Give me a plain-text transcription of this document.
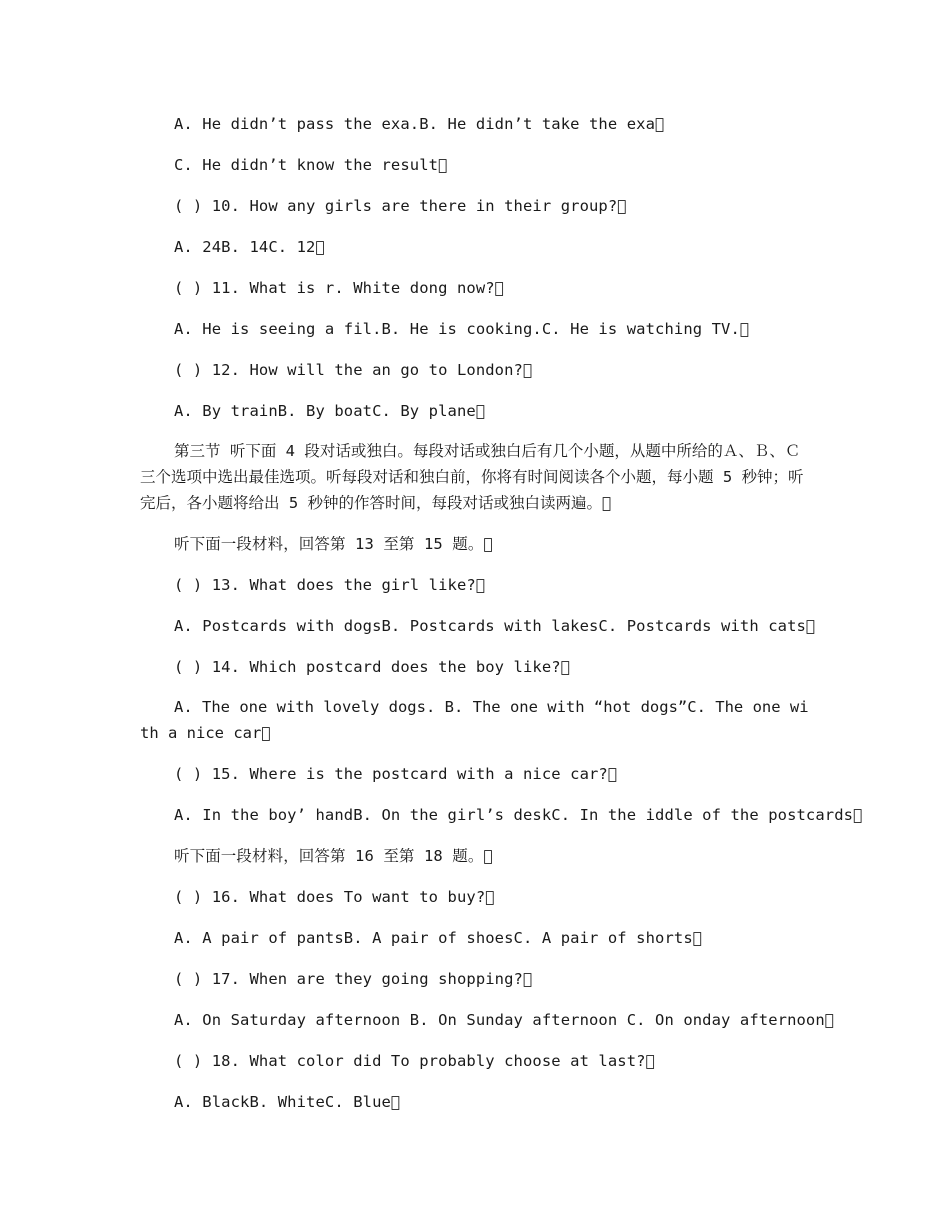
A. He didn’t pass the exa.B. He didn’t take the exa 
C. He didn’t know the result 
( ) 10. How any girls are there in their group? 
A. 24B. 14C. 12 
( ) 11. What is r. White dong now? 
A. He is seeing a fil.B. He is cooking.C. He is watching TV. 
( ) 12. How will the an go to London? 
A. By trainB. By boatC. By plane 
第三节 听下面 4 段对话或独白。每段对话或独白后有几个小题，从题中所给的Ａ、Ｂ、Ｃ 三个选项中选出最佳选项。听每段对话和独白前，你将有时间阅读各个小题，每小题 5 秒钟；听完后，各小题将给出 5 秒钟的作答时间，每段对话或独白读两遍。 
听下面一段材料，回答第 13 至第 15 题。 
( ) 13. What does the girl like? 
A. Postcards with dogsB. Postcards with lakesC. Postcards with cats 
( ) 14. Which postcard does the boy like? 
A. The one with lovely dogs. B. The one with “hot dogs”C. The one with a nice car 
( ) 15. Where is the postcard with a nice car? 
A. In the boy’ handB. On the girl’s deskC. In the iddle of the postcards 
听下面一段材料，回答第 16 至第 18 题。 
( ) 16. What does To want to buy? 
A. A pair of pantsB. A pair of shoesC. A pair of shorts 
( ) 17. When are they going shopping? 
A. On Saturday afternoon B. On Sunday afternoon C. On onday afternoon 
( ) 18. What color did To probably choose at last? 
A. BlackB. WhiteC. Blue 
